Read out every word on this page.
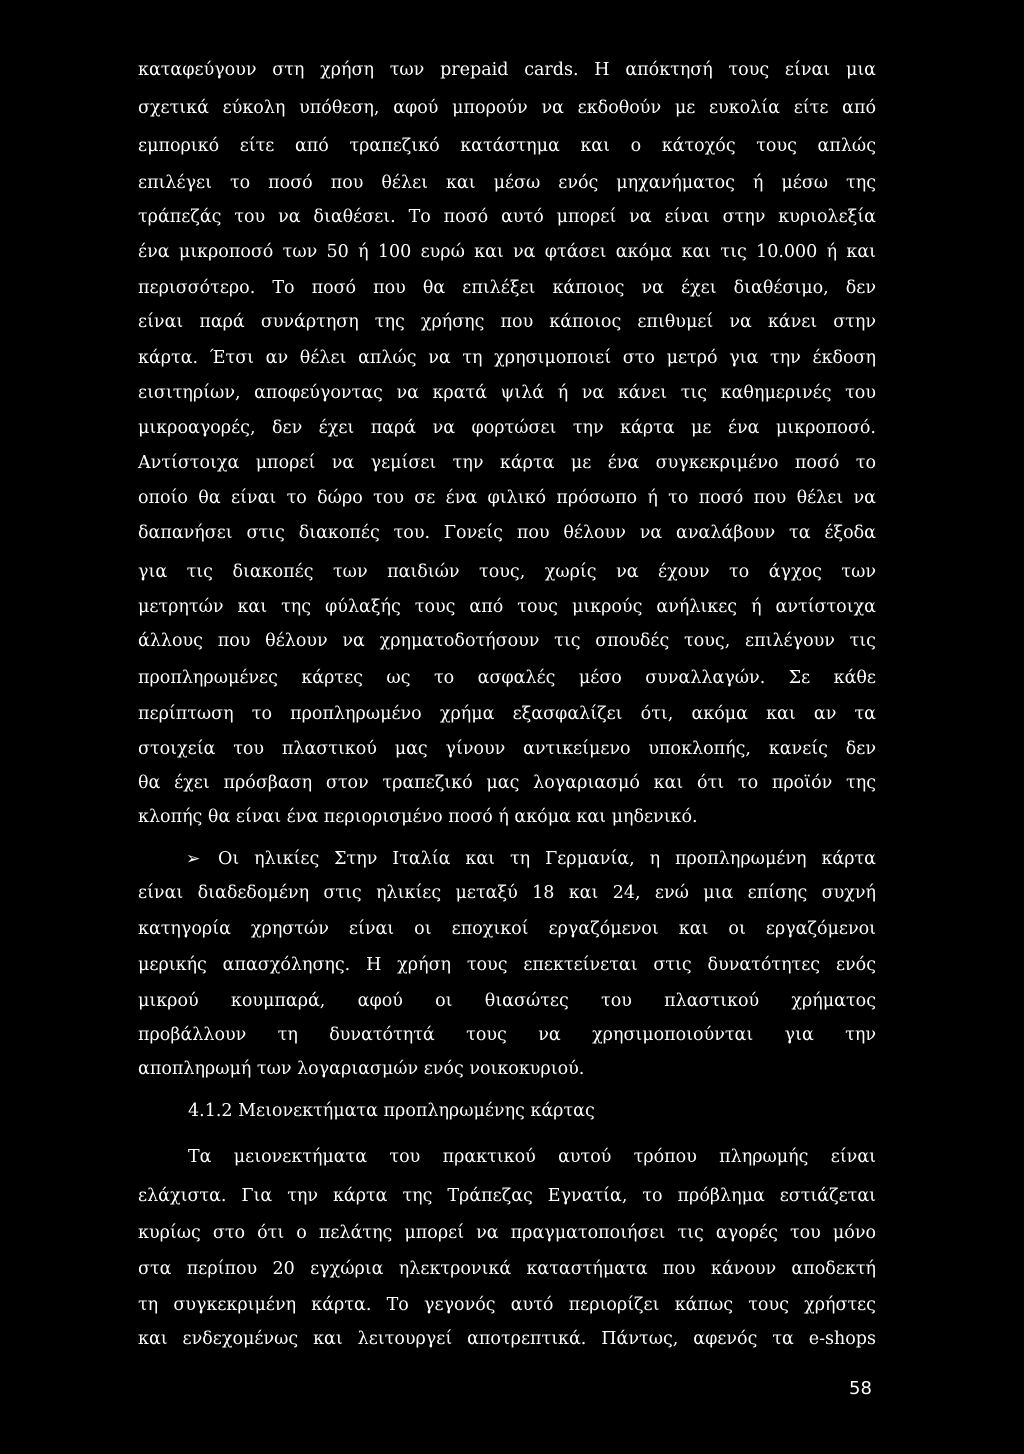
καταφεύγουν στη χρήση των prepaid cards. Η απόκτησή τους είναι μια
σχετικά εύκολη υπόθεση, αφού μπορούν να εκδοθούν με ευκολία είτε από
εμπορικό είτε από τραπεζικό κατάστημα και ο κάτοχός τους απλώς
επιλέγει το ποσό που θέλει και μέσω ενός μηχανήματος ή μέσω της
τράπεζάς του να διαθέσει. Το ποσό αυτό μπορεί να είναι στην κυριολεξία
ένα μικροποσό των 50 ή 100 ευρώ και να φτάσει ακόμα και τις 10.000 ή και
περισσότερο. Το ποσό που θα επιλέξει κάποιος να έχει διαθέσιμο, δεν
είναι παρά συνάρτηση της χρήσης που κάποιος επιθυμεί να κάνει στην
κάρτα. Έτσι αν θέλει απλώς να τη χρησιμοποιεί στο μετρό για την έκδοση
εισιτηρίων, αποφεύγοντας να κρατά ψιλά ή να κάνει τις καθημερινές του
μικροαγορές, δεν έχει παρά να φορτώσει την κάρτα με ένα μικροποσό.
Αντίστοιχα μπορεί να γεμίσει την κάρτα με ένα συγκεκριμένο ποσό το
οποίο θα είναι το δώρο του σε ένα φιλικό πρόσωπο ή το ποσό που θέλει να
δαπανήσει στις διακοπές του. Γονείς που θέλουν να αναλάβουν τα έξοδα
για τις διακοπές των παιδιών τους, χωρίς να έχουν το άγχος των
μετρητών και της φύλαξής τους από τους μικρούς ανήλικες ή αντίστοιχα
άλλους που θέλουν να χρηματοδοτήσουν τις σπουδές τους, επιλέγουν τις
προπληρωμένες κάρτες ως το ασφαλές μέσο συναλλαγών. Σε κάθε
περίπτωση το προπληρωμένο χρήμα εξασφαλίζει ότι, ακόμα και αν τα
στοιχεία του πλαστικού μας γίνουν αντικείμενο υποκλοπής, κανείς δεν
θα έχει πρόσβαση στον τραπεζικό μας λογαριασμό και ότι το προϊόν της
κλοπής θα είναι ένα περιορισμένο ποσό ή ακόμα και μηδενικό.
➢ Οι ηλικίες Στην Ιταλία και τη Γερμανία, η προπληρωμένη κάρτα
είναι διαδεδομένη στις ηλικίες μεταξύ 18 και 24, ενώ μια επίσης συχνή
κατηγορία χρηστών είναι οι εποχικοί εργαζόμενοι και οι εργαζόμενοι
μερικής απασχόλησης. Η χρήση τους επεκτείνεται στις δυνατότητες ενός
μικρού κουμπαρά, αφού οι θιασώτες του πλαστικού χρήματος
προβάλλουν τη δυνατότητά τους να χρησιμοποιούνται για την
αποπληρωμή των λογαριασμών ενός νοικοκυριού.
4.1.2 Μειονεκτήματα προπληρωμένης κάρτας
Τα μειονεκτήματα του πρακτικού αυτού τρόπου πληρωμής είναι
ελάχιστα. Για την κάρτα της Τράπεζας Εγνατία, το πρόβλημα εστιάζεται
κυρίως στο ότι ο πελάτης μπορεί να πραγματοποιήσει τις αγορές του μόνο
στα περίπου 20 εγχώρια ηλεκτρονικά καταστήματα που κάνουν αποδεκτή
τη συγκεκριμένη κάρτα. Το γεγονός αυτό περιορίζει κάπως τους χρήστες
και ενδεχομένως και λειτουργεί αποτρεπτικά. Πάντως, αφενός τα e-shops
58
